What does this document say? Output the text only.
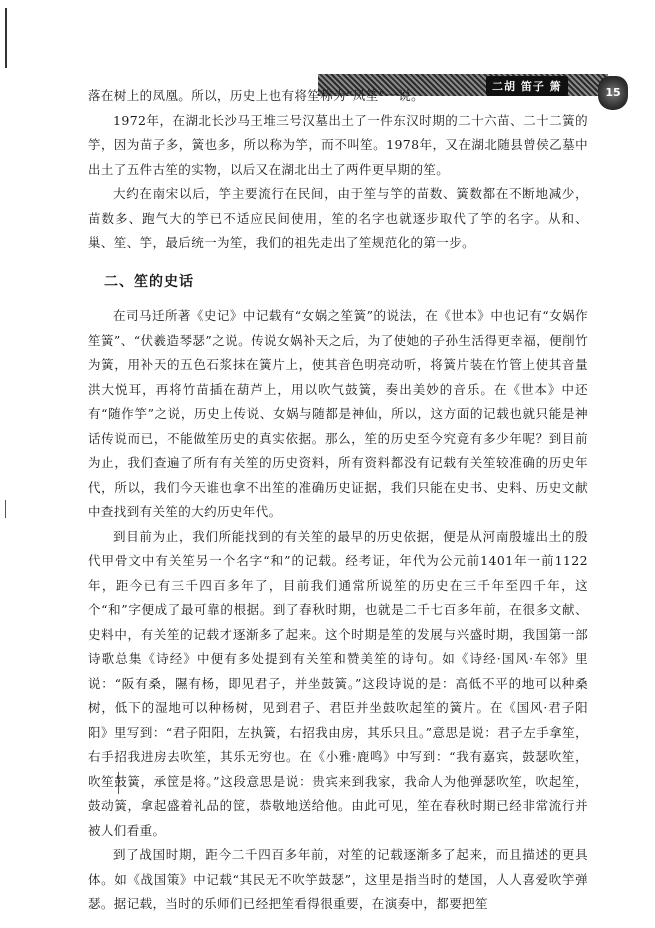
二胡 笛子 箫	15

落在树上的凤凰。所以，历史上也有将笙称为“凤笙”一说。

1972年，在湖北长沙马王堆三号汉墓出土了一件东汉时期的二十六苗、二十二簧的竽，因为苗子多，簧也多，所以称为竽，而不叫笙。1978年，又在湖北随县曾侯乙墓中出土了五件古笙的实物，以后又在湖北出土了两件更早期的笙。

大约在南宋以后，竽主要流行在民间，由于笙与竽的苗数、簧数都在不断地减少，苗数多、跑气大的竽已不适应民间使用，笙的名字也就逐步取代了竽的名字。从和、巢、笙、竽，最后统一为笙，我们的祖先走出了笙规范化的第一步。

二、笙的史话

在司马迁所著《史记》中记载有“女娲之笙簧”的说法，在《世本》中也记有“女娲作笙簧”、“伏羲造琴瑟”之说。传说女娲补天之后，为了使她的子孙生活得更幸福，便削竹为簧，用补天的五色石浆抹在簧片上，使其音色明亮动听，将簧片装在竹管上使其音量洪大悦耳，再将竹苗插在葫芦上，用以吹气鼓簧，奏出美妙的音乐。在《世本》中还有“随作竽”之说，历史上传说、女娲与随都是神仙，所以，这方面的记载也就只能是神话传说而已，不能做笙历史的真实依据。那么，笙的历史至今究竟有多少年呢？到目前为止，我们查遍了所有有关笙的历史资料，所有资料都没有记载有关笙较准确的历史年代，所以，我们今天谁也拿不出笙的准确历史证据，我们只能在史书、史料、历史文献中查找到有关笙的大约历史年代。

到目前为止，我们所能找到的有关笙的最早的历史依据，便是从河南殷墟出土的殷代甲骨文中有关笙另一个名字“和”的记载。经考证，年代为公元前1401年一前1122年，距今已有三千四百多年了，目前我们通常所说笙的历史在三千年至四千年，这个“和”字便成了最可靠的根据。到了春秋时期，也就是二千七百多年前，在很多文献、史料中，有关笙的记载才逐渐多了起来。这个时期是笙的发展与兴盛时期，我国第一部诗歌总集《诗经》中便有多处提到有关笙和赞美笙的诗句。如《诗经·国风·车邻》里说：“阪有桑，隰有杨，即见君子，并坐鼓簧。”这段诗说的是：高低不平的地可以种桑树，低下的湿地可以种杨树，见到君子、君臣并坐鼓吹起笙的簧片。在《国风·君子阳阳》里写到：“君子阳阳，左执簧，右招我由房，其乐只且。”意思是说：君子左手拿笙，右手招我进房去吹笙，其乐无穷也。在《小雅·鹿鸣》中写到：“我有嘉宾，鼓瑟吹笙，吹笙鼓簧，承筐是将。”这段意思是说：贵宾来到我家，我命人为他弹瑟吹笙，吹起笙，鼓动簧，拿起盛着礼品的筐，恭敬地送给他。由此可见，笙在春秋时期已经非常流行并被人们看重。

到了战国时期，距今二千四百多年前，对笙的记载逐渐多了起来，而且描述的更具体。如《战国策》中记载“其民无不吹竽鼓瑟”，这里是指当时的楚国，人人喜爱吹竽弹瑟。据记载，当时的乐师们已经把笙看得很重要，在演奏中，都要把笙
